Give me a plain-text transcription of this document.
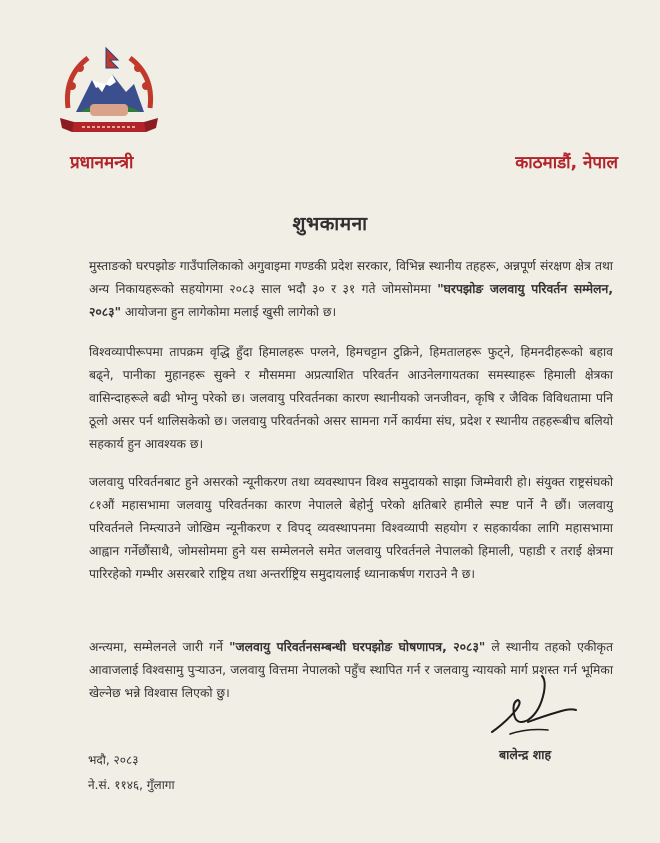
प्रधानमन्त्री	काठमाडौं, नेपाल
शुभकामना

मुस्ताङको घरपझोङ गाउँपालिकाको अगुवाइमा गण्डकी प्रदेश सरकार, विभिन्न स्थानीय तहहरू, अन्नपूर्ण संरक्षण क्षेत्र तथा अन्य निकायहरूको सहयोगमा २०८३ साल भदौ ३० र ३१ गते जोमसोममा "घरपझोङ जलवायु परिवर्तन सम्मेलन, २०८३" आयोजना हुन लागेकोमा मलाई खुसी लागेको छ।

विश्वव्यापीरूपमा तापक्रम वृद्धि हुँदा हिमालहरू पग्लने, हिमचट्टान टुक्रिने, हिमतालहरू फुट्ने, हिमनदीहरूको बहाव बढ्ने, पानीका मुहानहरू सुक्ने र मौसममा अप्रत्याशित परिवर्तन आउनेलगायतका समस्याहरू हिमाली क्षेत्रका वासिन्दाहरूले बढी भोग्नु परेको छ। जलवायु परिवर्तनका कारण स्थानीयको जनजीवन, कृषि र जैविक विविधतामा पनि ठूलो असर पर्न थालिसकेको छ। जलवायु परिवर्तनको असर सामना गर्ने कार्यमा संघ, प्रदेश र स्थानीय तहहरूबीच बलियो सहकार्य हुन आवश्यक छ।

जलवायु परिवर्तनबाट हुने असरको न्यूनीकरण तथा व्यवस्थापन विश्व समुदायको साझा जिम्मेवारी हो। संयुक्त राष्ट्रसंघको ८१औं महासभामा जलवायु परिवर्तनका कारण नेपालले बेहोर्नु परेको क्षतिबारे हामीले स्पष्ट पार्ने नै छौं। जलवायु परिवर्तनले निम्त्याउने जोखिम न्यूनीकरण र विपद् व्यवस्थापनमा विश्वव्यापी सहयोग र सहकार्यका लागि महासभामा आह्वान गर्नेछौंसाथै, जोमसोममा हुने यस सम्मेलनले समेत जलवायु परिवर्तनले नेपालको हिमाली, पहाडी र तराई क्षेत्रमा पारिरहेको गम्भीर असरबारे राष्ट्रिय तथा अन्तर्राष्ट्रिय समुदायलाई ध्यानाकर्षण गराउने नै छ।

अन्त्यमा, सम्मेलनले जारी गर्ने "जलवायु परिवर्तनसम्बन्धी घरपझोङ घोषणापत्र, २०८३" ले स्थानीय तहको एकीकृत आवाजलाई विश्वसामु पुर्‍याउन, जलवायु वित्तमा नेपालको पहुँच स्थापित गर्न र जलवायु न्यायको मार्ग प्रशस्त गर्न भूमिका खेल्नेछ भन्ने विश्वास लिएको छु।

बालेन्द्र शाह
भदौ, २०८३
ने.सं. ११४६, गुँलागा
